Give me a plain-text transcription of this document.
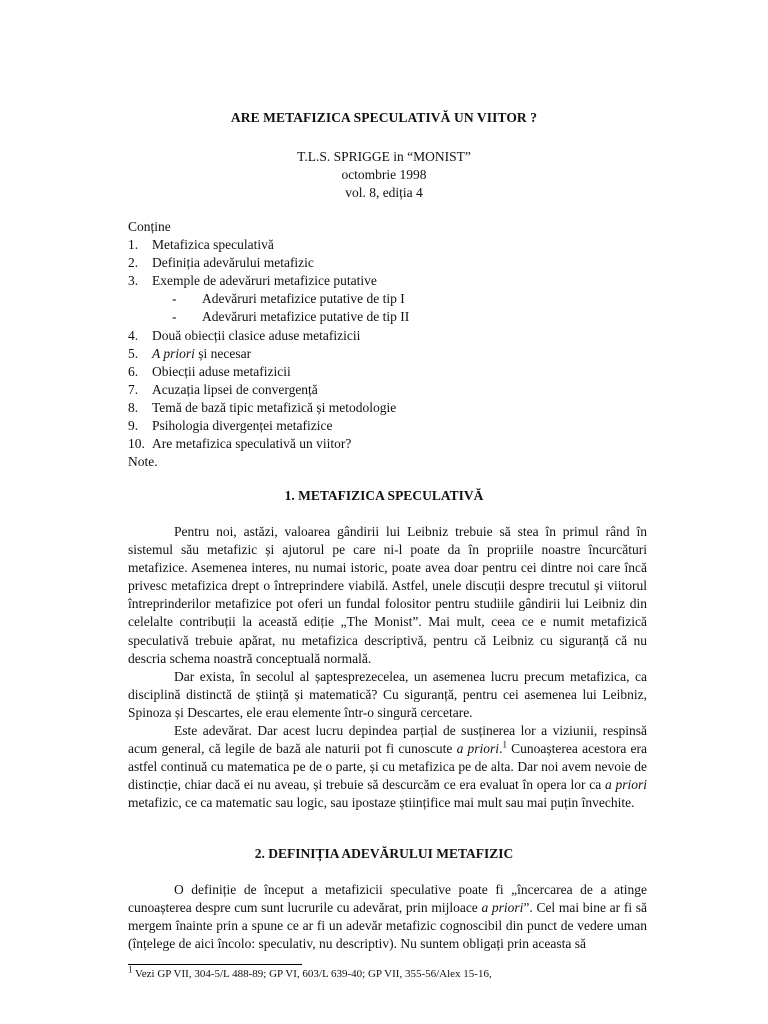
ARE METAFIZICA SPECULATIVĂ UN VIITOR ?
T.L.S. SPRIGGE in “MONIST”
octombrie 1998
vol. 8, ediția 4
Conține
1. Metafizica speculativă
2. Definiția adevărului metafizic
3. Exemple de adevăruri metafizice putative
- Adevăruri metafizice putative de tip I
- Adevăruri metafizice putative de tip II
4. Două obiecții clasice aduse metafizicii
5. A priori și necesar
6. Obiecții aduse metafizicii
7. Acuzația lipsei de convergență
8. Temă de bază tipic metafizică și metodologie
9. Psihologia divergenței metafizice
10. Are metafizica speculativă un viitor?
Note.
1. METAFIZICA SPECULATIVĂ

Pentru noi, astăzi, valoarea gândirii lui Leibniz trebuie să stea în primul rând în sistemul său metafizic și ajutorul pe care ni-l poate da în propriile noastre încurcături metafizice. Asemenea interes, nu numai istoric, poate avea doar pentru cei dintre noi care încă privesc metafizica drept o întreprindere viabilă. Astfel, unele discuții despre trecutul și viitorul întreprinderilor metafizice pot oferi un fundal folositor pentru studiile gândirii lui Leibniz din celelalte contribuții la această ediție „The Monist”. Mai mult, ceea ce e numit metafizică speculativă trebuie apărat, nu metafizica descriptivă, pentru că Leibniz cu siguranță că nu descria schema noastră conceptuală normală.

Dar exista, în secolul al șaptesprezecelea, un asemenea lucru precum metafizica, ca disciplină distinctă de știință și matematică? Cu siguranță, pentru cei asemenea lui Leibniz, Spinoza și Descartes, ele erau elemente într-o singură cercetare.

Este adevărat. Dar acest lucru depindea parțial de susținerea lor a viziunii, respinsă acum general, că legile de bază ale naturii pot fi cunoscute a priori.$^1$ Cunoașterea acestora era astfel continuă cu matematica pe de o parte, și cu metafizica pe de alta. Dar noi avem nevoie de distincție, chiar dacă ei nu aveau, și trebuie să descurcăm ce era evaluat în opera lor ca a priori metafizic, ce ca matematic sau logic, sau ipostaze științifice mai mult sau mai puțin învechite.

2. DEFINIȚIA ADEVĂRULUI METAFIZIC

O definiție de început a metafizicii speculative poate fi „încercarea de a atinge cunoașterea despre cum sunt lucrurile cu adevărat, prin mijloace a priori”. Cel mai bine ar fi să mergem înainte prin a spune ce ar fi un adevăr metafizic cognoscibil din punct de vedere uman (înțelege de aici încolo: speculativ, nu descriptiv). Nu suntem obligați prin aceasta să

$^1$ Vezi GP VII, 304-5/L 488-89; GP VI, 603/L 639-40; GP VII, 355-56/Alex 15-16,
